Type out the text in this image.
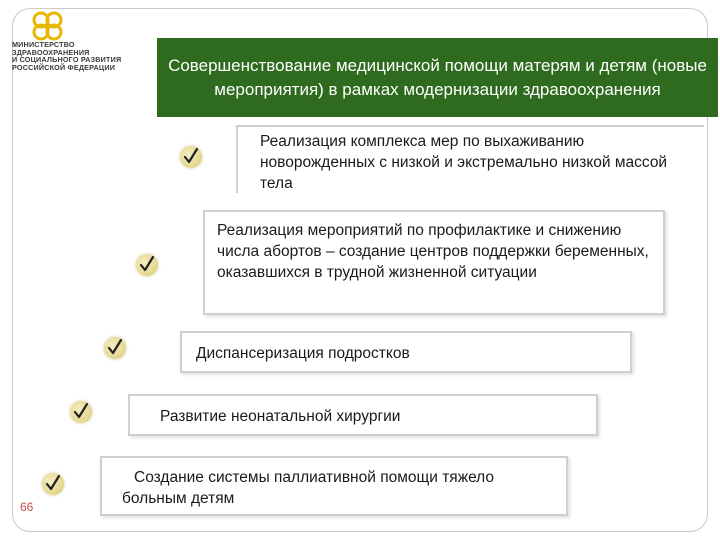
МИНИСТЕРСТВО
ЗДРАВООХРАНЕНИЯ
И СОЦИАЛЬНОГО РАЗВИТИЯ
РОССИЙСКОЙ ФЕДЕРАЦИИ	Совершенствование медицинской помощи матерям и детям (новые мероприятия) в рамках модернизации здравоохранения
Реализация комплекса мер по выхаживанию новорожденных с низкой и экстремально низкой массой тела
Реализация мероприятий по профилактике и снижению числа абортов – создание центров поддержки беременных, оказавшихся в трудной жизненной ситуации
Диспансеризация подростков
Развитие неонатальной хирургии
Создание системы паллиативной помощи тяжело больным детям
66
